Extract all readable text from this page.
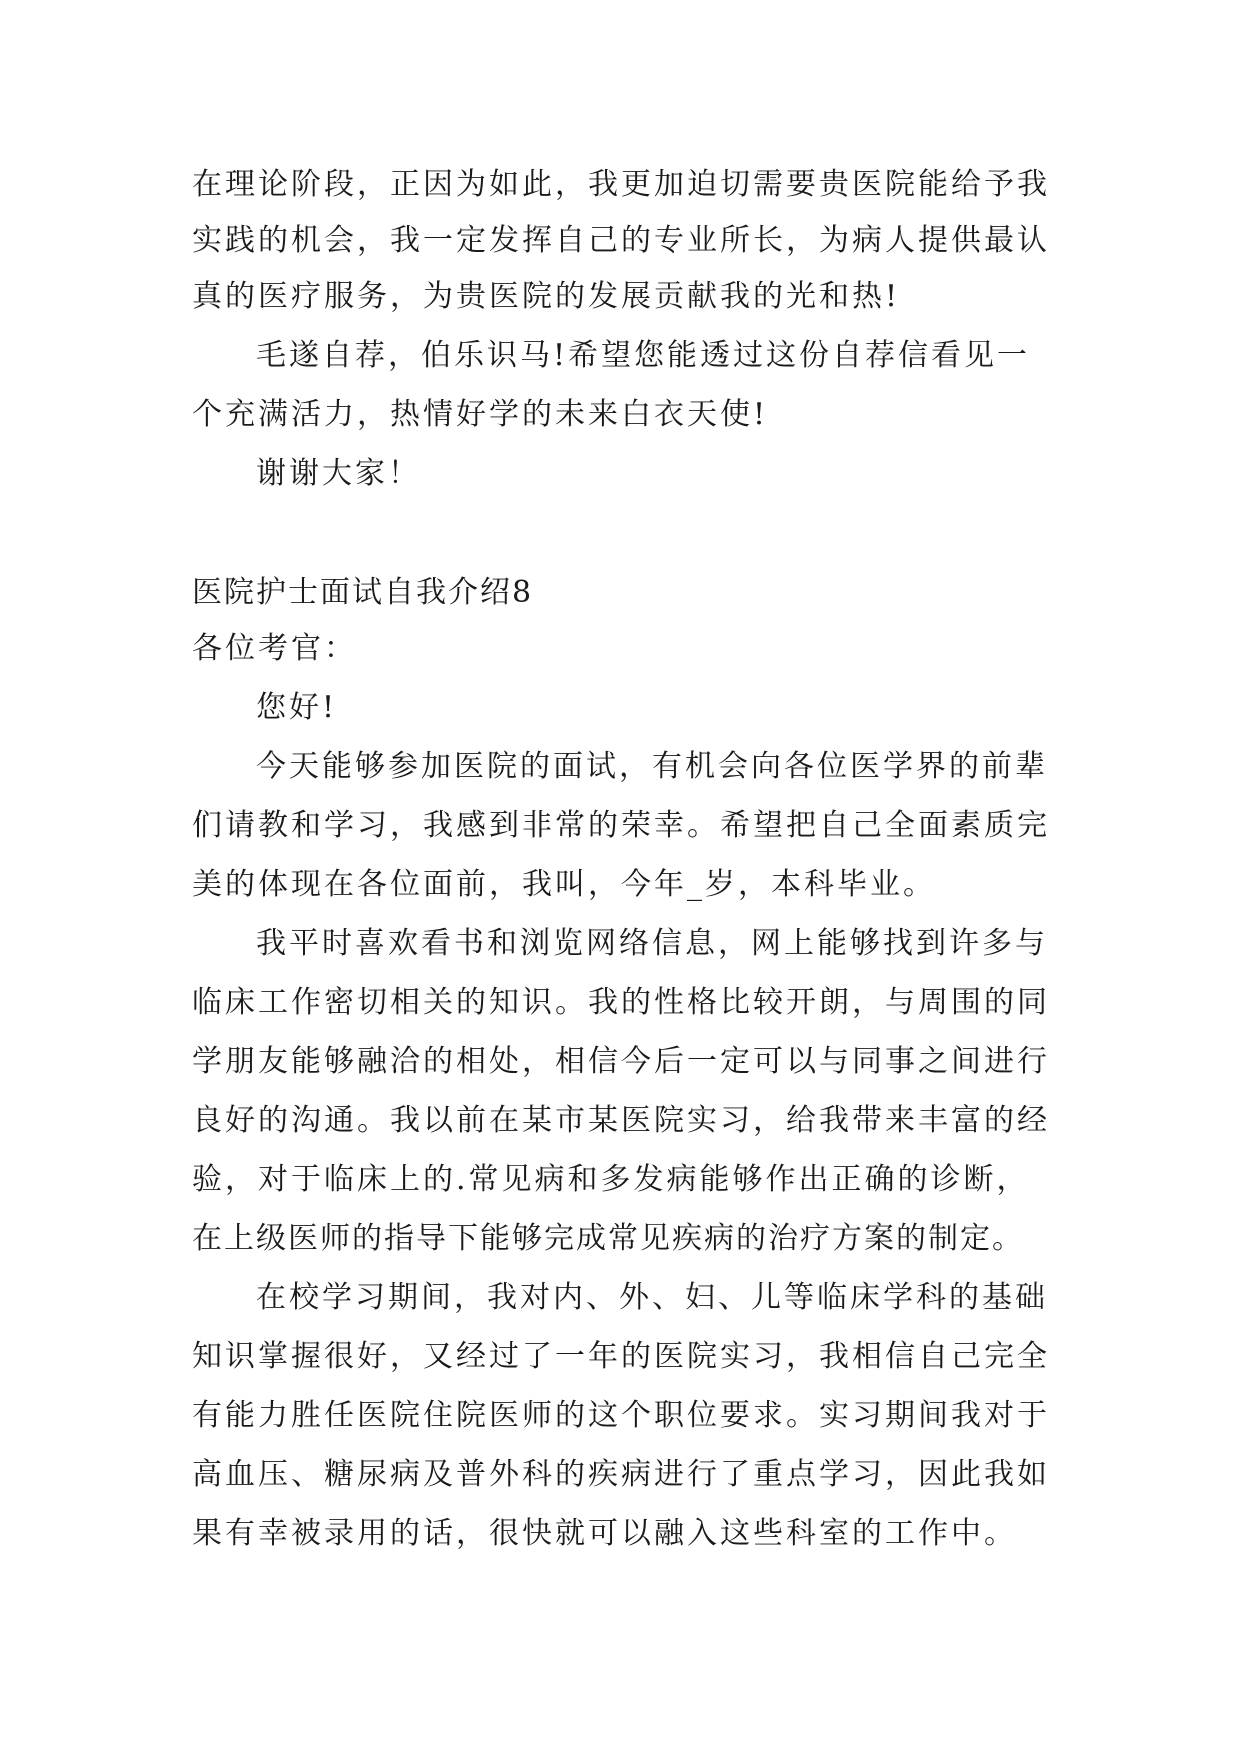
在理论阶段，正因为如此，我更加迫切需要贵医院能给予我
实践的机会，我一定发挥自己的专业所长，为病人提供最认
真的医疗服务，为贵医院的发展贡献我的光和热!
毛遂自荐，伯乐识马!希望您能透过这份自荐信看见一
个充满活力，热情好学的未来白衣天使!
谢谢大家！
医院护士面试自我介绍8
各位考官：
您好!
今天能够参加医院的面试，有机会向各位医学界的前辈
们请教和学习，我感到非常的荣幸。希望把自己全面素质完
美的体现在各位面前，我叫，今年_岁，本科毕业。
我平时喜欢看书和浏览网络信息，网上能够找到许多与
临床工作密切相关的知识。我的性格比较开朗，与周围的同
学朋友能够融洽的相处，相信今后一定可以与同事之间进行
良好的沟通。我以前在某市某医院实习，给我带来丰富的经
验，对于临床上的.常见病和多发病能够作出正确的诊断，
在上级医师的指导下能够完成常见疾病的治疗方案的制定。
在校学习期间，我对内、外、妇、儿等临床学科的基础
知识掌握很好，又经过了一年的医院实习，我相信自己完全
有能力胜任医院住院医师的这个职位要求。实习期间我对于
高血压、糖尿病及普外科的疾病进行了重点学习，因此我如
果有幸被录用的话，很快就可以融入这些科室的工作中。
